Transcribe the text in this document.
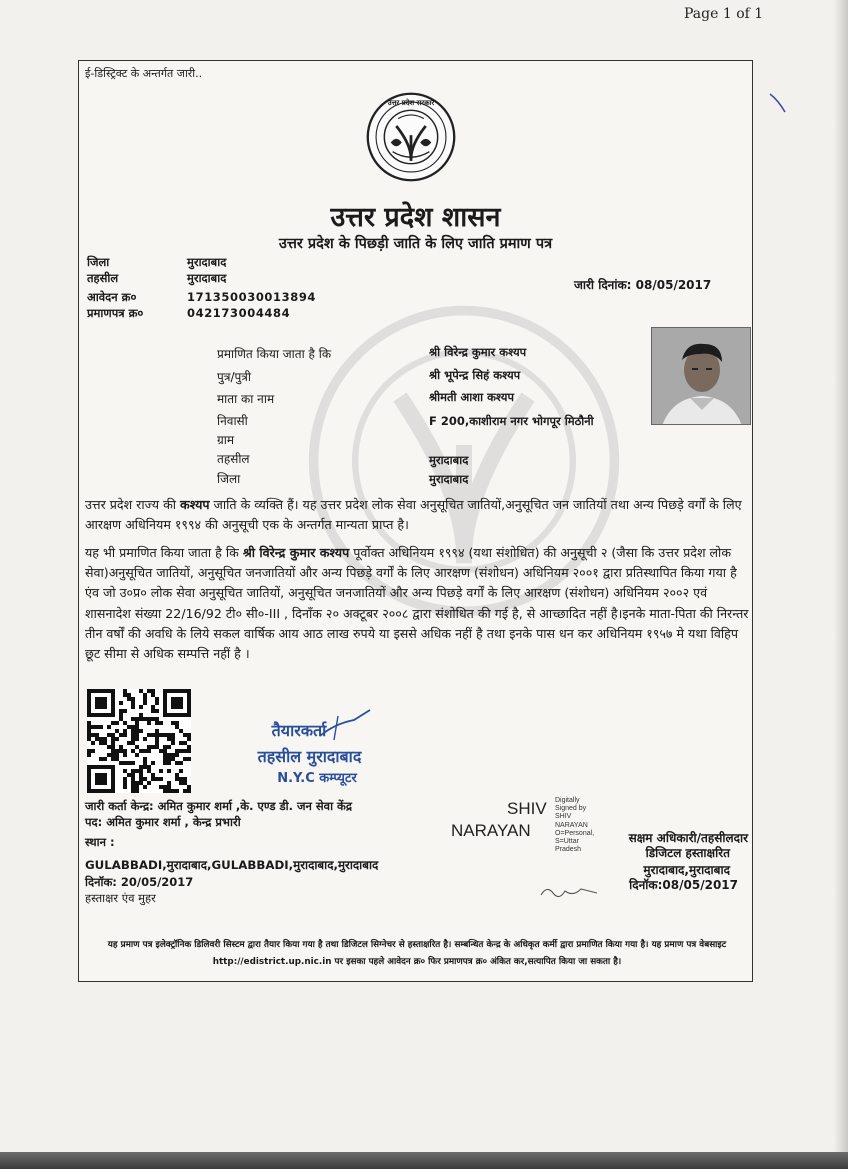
Page 1 of 1
ई-डिस्ट्रिक्ट के अन्तर्गत जारी..
उत्तर प्रदेश सरकार
उत्तर प्रदेश शासन
उत्तर प्रदेश के पिछड़ी जाति के लिए जाति प्रमाण पत्र
जिला	मुरादाबाद
तहसील	मुरादाबाद
आवेदन क्र०	171350030013894
प्रमाणपत्र क्र०	042173004484
जारी दिनांक: 08/05/2017
प्रमाणित किया जाता है कि	श्री विरेन्द्र कुमार कश्यप
पुत्र/पुत्री	श्री भूपेन्द्र सिहं कश्यप
माता का नाम	श्रीमती आशा कश्यप
निवासी	F 200,काशीराम नगर भोगपूर मिठौनी
ग्राम
तहसील	मुरादाबाद
जिला	मुरादाबाद
उत्तर प्रदेश राज्य की कश्यप जाति के व्यक्ति हैं। यह उत्तर प्रदेश लोक सेवा अनुसूचित जातियों,अनुसूचित जन जातियों तथा अन्य पिछड़े वर्गों के लिए आरक्षण अधिनियम १९९४ की अनुसूची एक के अन्तर्गत मान्यता प्राप्त है।
यह भी प्रमाणित किया जाता है कि श्री विरेन्द्र कुमार कश्यप पूर्वोक्त अधिनियम १९९४ (यथा संशोधित) की अनुसूची २ (जैसा कि उत्तर प्रदेश लोक सेवा)अनुसूचित जातियों, अनुसूचित जनजातियों और अन्य पिछड़े वर्गों के लिए आरक्षण (संशोधन) अधिनियम २००१ द्वारा प्रतिस्थापित किया गया है एंव जो उ०प्र० लोक सेवा अनुसूचित जातियों, अनुसूचित जनजातियों और अन्य पिछड़े वर्गों के लिए आरक्षण (संशोधन) अधिनियम २००२ एवं शासनादेश संख्या 22/16/92 टी० सी०-III , दिनाँक २० अक्टूबर २००८ द्वारा संशोधित की गई है, से आच्छादित नहीं है।इनके माता-पिता की निरन्तर तीन वर्षों की अवधि के लिये सकल वार्षिक आय आठ लाख रुपये या इससे अधिक नहीं है तथा इनके पास धन कर अधिनियम १९५७ मे यथा विहिप छूट सीमा से अधिक सम्पत्ति नहीं है ।
तैयारकर्ता
तहसील मुरादाबाद
N.Y.C कम्प्यूटर
जारी कर्ता केन्द्र: अमित कुमार शर्मा ,के. एण्ड डी. जन सेवा केंद्र
पद: अमित कुमार शर्मा , केन्द्र प्रभारी
स्थान :
GULABBADI,मुरादाबाद,GULABBADI,मुरादाबाद,मुरादाबाद
दिनॉक: 20/05/2017
हस्ताक्षर एंव मुहर
SHIV
NARAYAN
Digitally
Signed by
SHIV
NARAYAN
O=Personal,
S=Uttar
Pradesh
सक्षम अधिकारी/तहसीलदार
डिजिटल हस्ताक्षरित
मुरादाबाद,मुरादाबाद
दिनॉक:08/05/2017
यह प्रमाण पत्र इलेक्ट्रॉनिक डिलिवरी सिस्टम द्वारा तैयार किया गया है तथा डिजिटल सिग्नेचर से हस्ताक्षरित है। सम्बन्धित केन्द्र के अधिकृत कर्मी द्वारा प्रमाणित किया गया है। यह प्रमाण पत्र वेबसाइट http://edistrict.up.nic.in पर इसका पहले आवेदन क्र० फिर प्रमाणपत्र क्र० अंकित कर,सत्यापित किया जा सकता है।
